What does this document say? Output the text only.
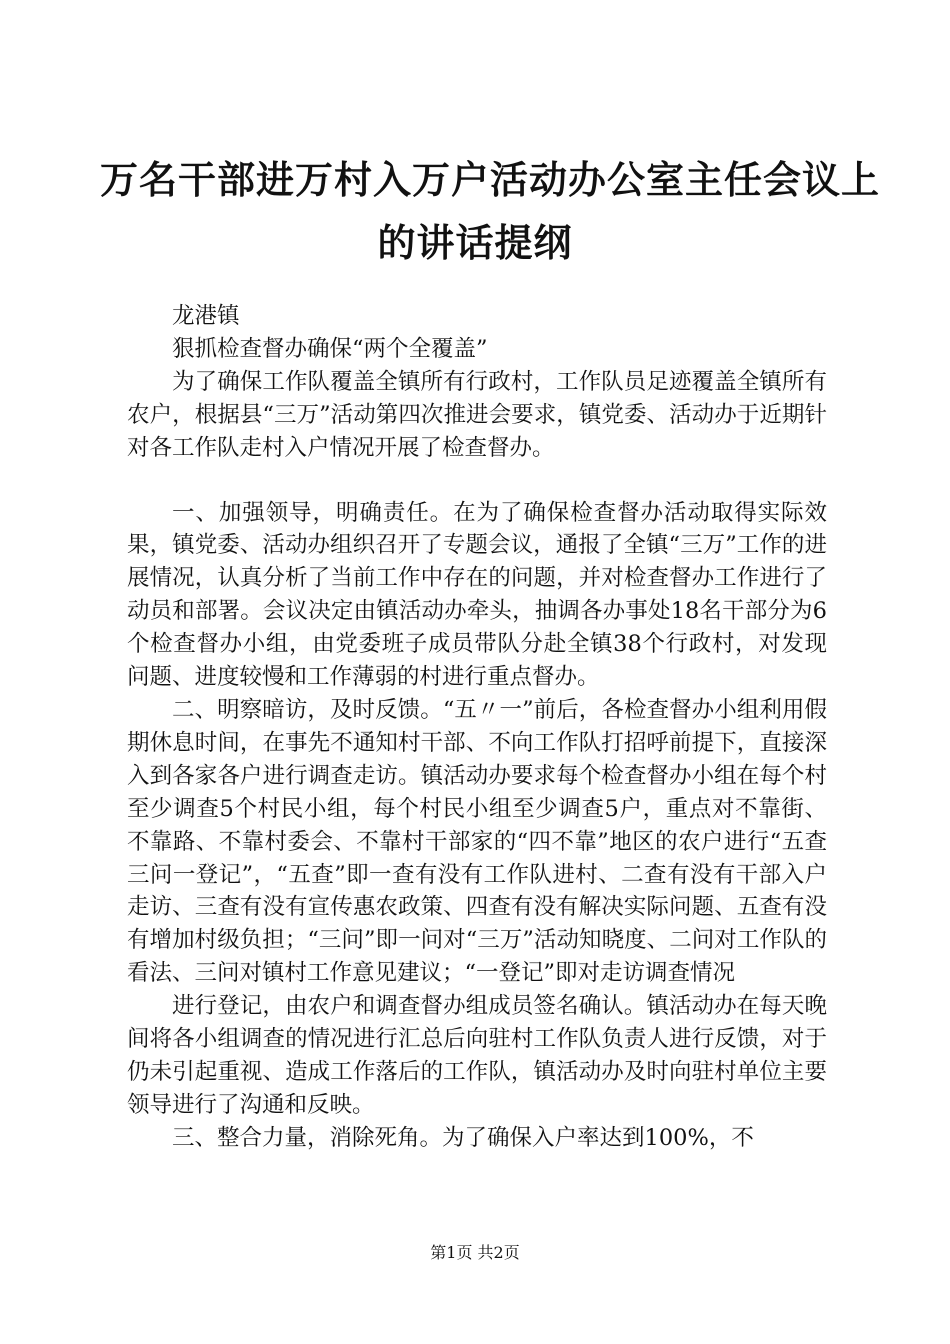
万名干部进万村入万户活动办公室主任会议上
的讲话提纲

龙港镇

狠抓检查督办确保“两个全覆盖”

为了确保工作队覆盖全镇所有行政村，工作队员足迹覆盖全镇所有农户，根据县“三万”活动第四次推进会要求，镇党委、活动办于近期针对各工作队走村入户情况开展了检查督办。

一、加强领导，明确责任。在为了确保检查督办活动取得实际效果，镇党委、活动办组织召开了专题会议，通报了全镇“三万”工作的进展情况，认真分析了当前工作中存在的问题，并对检查督办工作进行了动员和部署。会议决定由镇活动办牵头，抽调各办事处18名干部分为6个检查督办小组，由党委班子成员带队分赴全镇38个行政村，对发现问题、进度较慢和工作薄弱的村进行重点督办。

二、明察暗访，及时反馈。“五〃一”前后，各检查督办小组利用假期休息时间，在事先不通知村干部、不向工作队打招呼前提下，直接深入到各家各户进行调查走访。镇活动办要求每个检查督办小组在每个村至少调查5个村民小组，每个村民小组至少调查5户，重点对不靠街、不靠路、不靠村委会、不靠村干部家的“四不靠”地区的农户进行“五查三问一登记”，“五查”即一查有没有工作队进村、二查有没有干部入户走访、三查有没有宣传惠农政策、四查有没有解决实际问题、五查有没有增加村级负担；“三问”即一问对“三万”活动知晓度、二问对工作队的看法、三问对镇村工作意见建议；“一登记”即对走访调查情况

进行登记，由农户和调查督办组成员签名确认。镇活动办在每天晚间将各小组调查的情况进行汇总后向驻村工作队负责人进行反馈，对于仍未引起重视、造成工作落后的工作队，镇活动办及时向驻村单位主要领导进行了沟通和反映。

三、整合力量，消除死角。为了确保入户率达到100%，不

第1页 共2页
